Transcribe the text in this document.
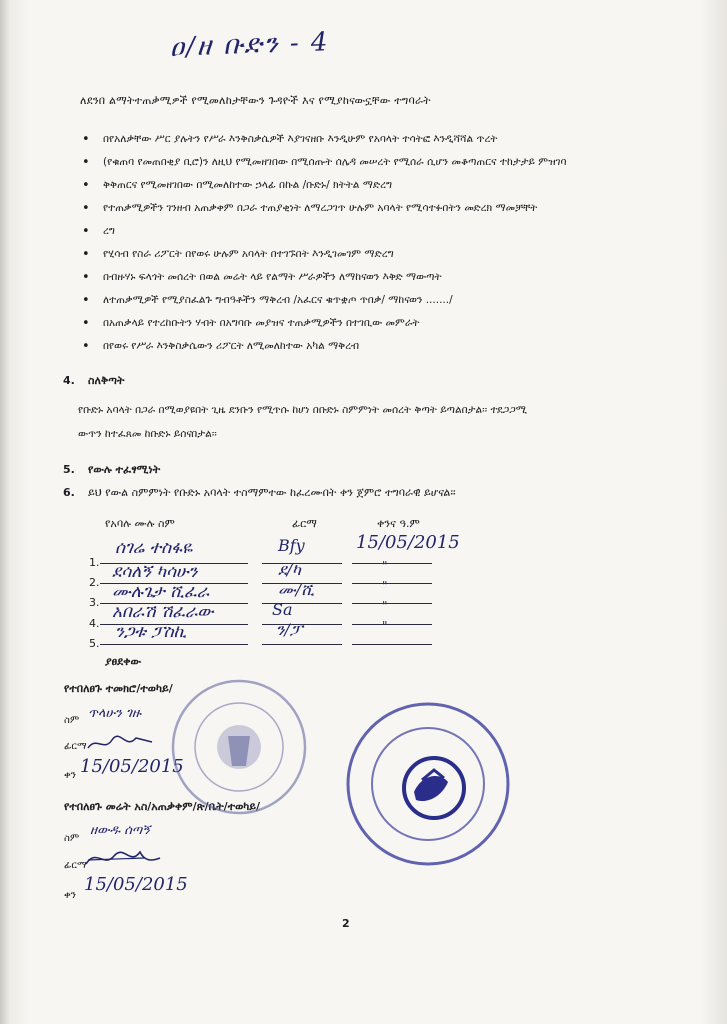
ዐ/ዘ ቡድን - 4
ለደንበ ልማትተጠቃሚዎች የሚመለከታቸውን ጉዳዮች እና የሚያከናውኗቸው ተግባራት
• በየአለቃቸው ሥር ያሉትን የሥራ እንቅስቃሴዎች እያገናዘቡ እንዲሁም የአባላት ተሳትፎ እንዲሻሻል ጥረት
• (የቁጠባ የመጠበቂያ ቢሮ)ን ለዚህ የሚመዘገበው በሚሰጡት ሰሌዳ መሠረት የሚሰራ ሲሆን መቆጣጠርና ተከታታይ ምዝገባ
• ቅቅጠርና የሚመዘገበው በሚመለከተው ኃላፊ በኩል /ቡድኑ/ ክትትል ማድረግ
• የተጠቃሚዎችን ገንዘብ አጠቃቀም በጋራ ተጠያቂነት ለማረጋገጥ ሁሉም አባላት የሚሳተፉበትን መድረክ ማመቻቸት
• ረግ
• የሂሳብ የስራ ሪፖርት በየወሩ ሁሉም አባላት በተገኙበት እንዲገመገም ማድረግ
• በብዙሃኑ ፍላጎት መሰረት በወል መሬት ላይ የልማት ሥራዎችን ለማከናወን እቅድ ማውጣት
• ለተጠቃሚዎች የሚያስፈልጉ ግብዓቶችን ማቅረብ /አፈርና ቁጥቋጦ ጥበቃ/ ማከናወን ......./
• በአጠቃላይ የተረከቡትን ሃብት በአግባቡ መያዝና ተጠቃሚዎችን በተገቢው መምራት
• በየወሩ የሥራ እንቅስቃሴውን ሪፖርት ለሚመለከተው አካል ማቅረብ
4. ስለቅጣት
የቡድኑ አባላት በጋራ በሚወያዩበት ጊዜ ደንቡን የሚጥሱ ከሆነ በቡድኑ ስምምነት መሰረት ቅጣት ይጣልበታል፡፡ ተደጋጋሚ
ውጥን ከተፈጸመ ከቡድኑ ይሰናበታል፡፡
5. የውሉ ተፈፃሚነት
6. ይህ የውል ስምምነት የቡድኑ አባላት ተስማምተው ከፈረሙበት ቀን ጀምሮ ተግባራዊ ይሆናል፡፡
የአባሉ ሙሉ ስም	ፊርማ	ቀንና ዓ.ም
1.
ሰገሬ ተስፋዬ	Bfy	15/05/2015
2.
ደሳለኝ ካሳሁን	ደ/ካ	"
3.
ሙሉጌታ ሺፈራ	ሙ/ሺ	"
4.
አበራሽ ሽፈራው	Sa	"
5.
ንጋቱ ፓስኪ	ን/ፓ	"
ያፀደቀው
የተበለፀጉ ተመክሮ/ተወካይ/
ስም ጥላሁን ገዙ
ፊርማ
ቀን 15/05/2015
የተበለፀጉ መሬት አስ/አጠቃቀም/ጽ/ቤት/ተወካይ/
ስም
ዘውዱ ሰጣኝ
ፊርማ
ቀን
15/05/2015
2
